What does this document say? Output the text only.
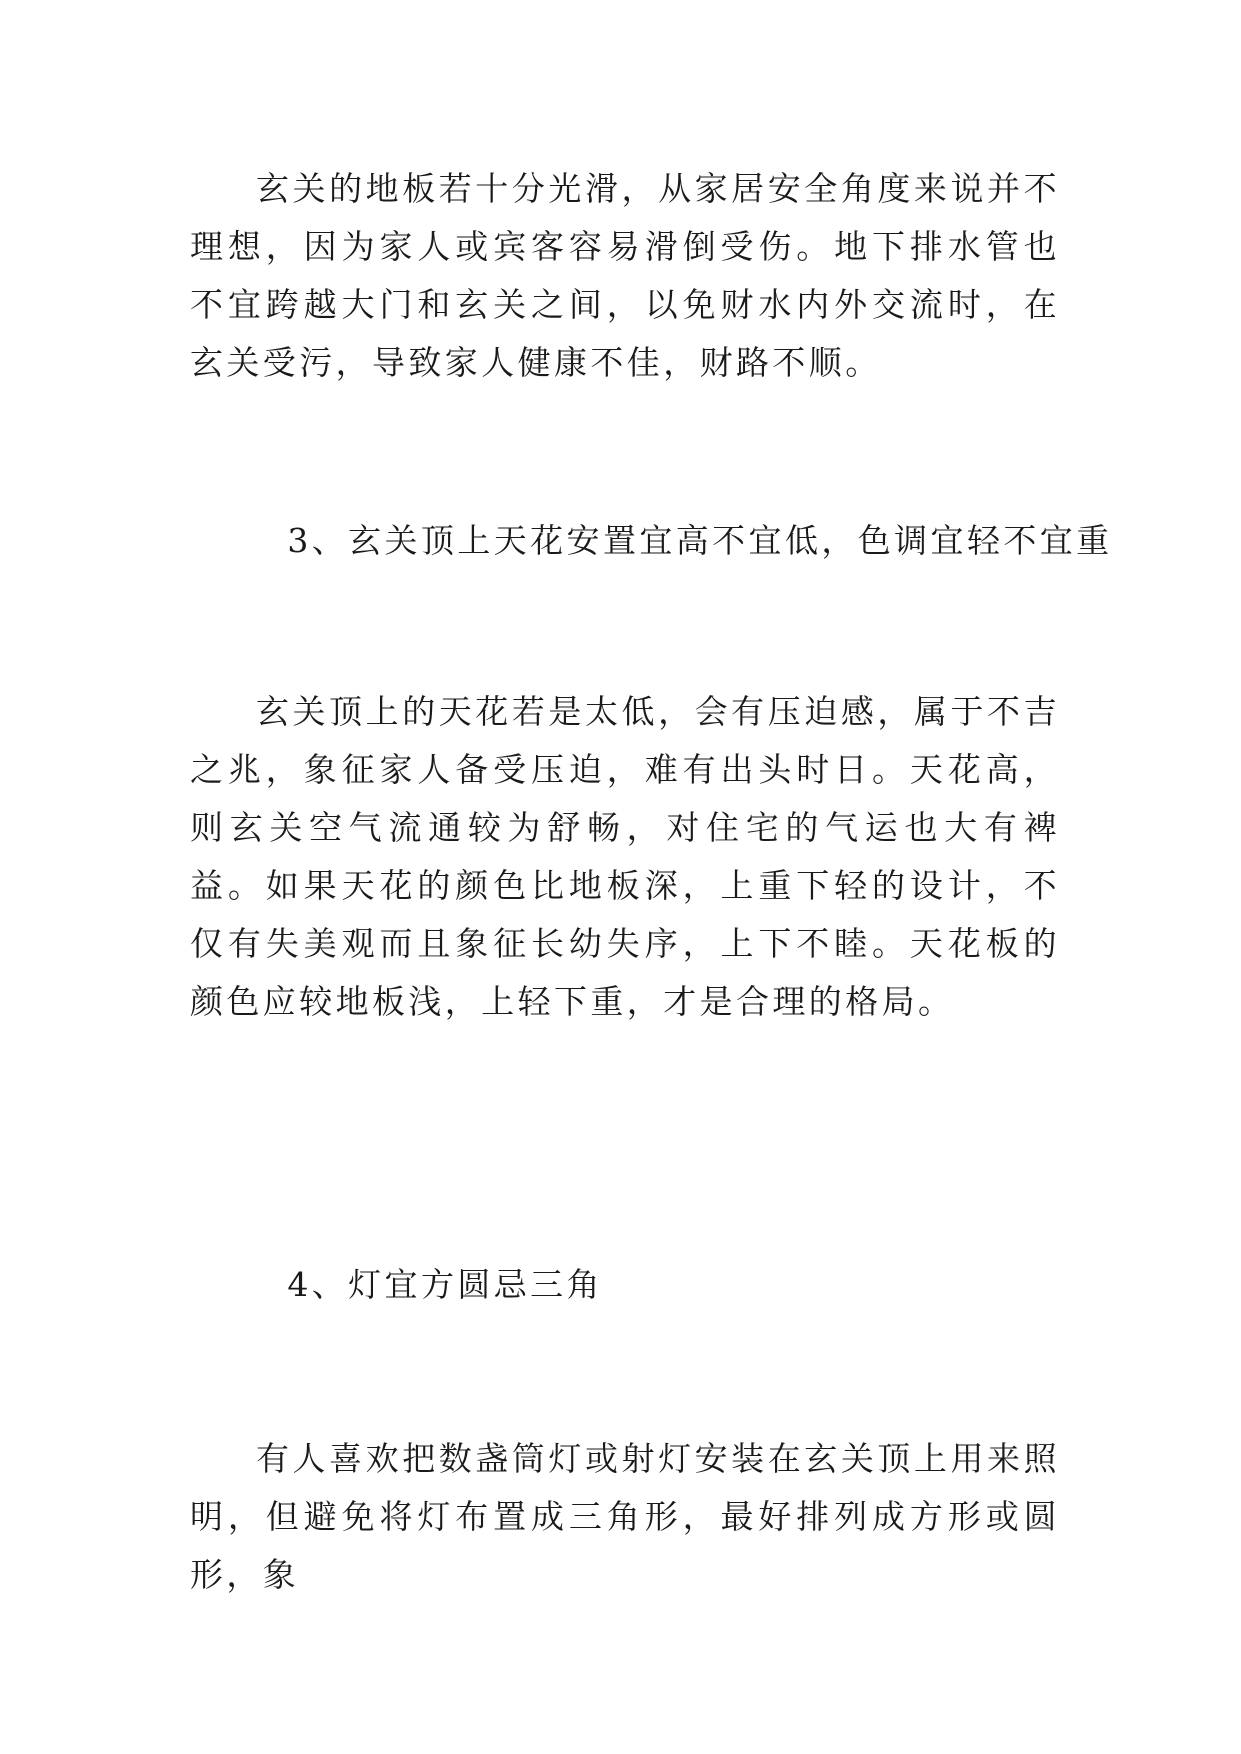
玄关的地板若十分光滑，从家居安全角度来说并不理想，因为家人或宾客容易滑倒受伤。地下排水管也不宜跨越大门和玄关之间，以免财水内外交流时，在玄关受污，导致家人健康不佳，财路不顺。

3、玄关顶上天花安置宜高不宜低，色调宜轻不宜重

玄关顶上的天花若是太低，会有压迫感，属于不吉之兆，象征家人备受压迫，难有出头时日。天花高，则玄关空气流通较为舒畅，对住宅的气运也大有裨益。如果天花的颜色比地板深，上重下轻的设计，不仅有失美观而且象征长幼失序，上下不睦。天花板的颜色应较地板浅，上轻下重，才是合理的格局。

4、灯宜方圆忌三角

有人喜欢把数盏筒灯或射灯安装在玄关顶上用来照明，但避免将灯布置成三角形，最好排列成方形或圆形，象
